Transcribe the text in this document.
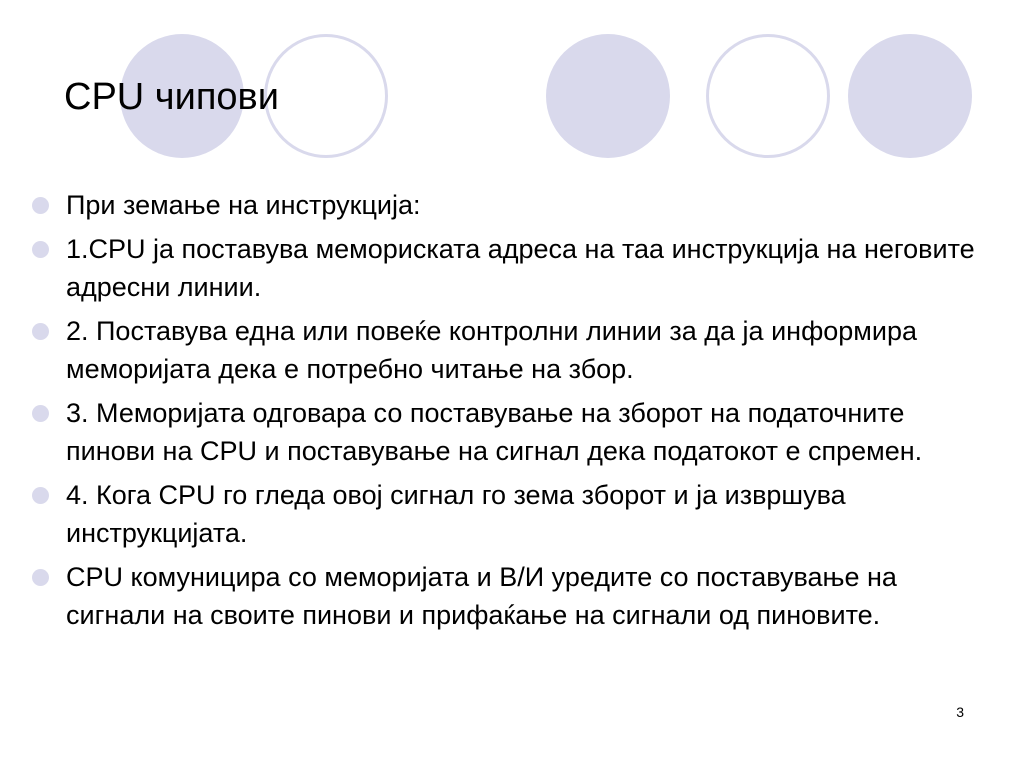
CPU чипови
При земање на инструкција:
1.CPU ја поставува мемориската адреса на таа инструкција на неговите адресни линии.
2. Поставува една или повеќе контролни линии за да ја информира меморијата дека е потребно читање на збор.
3. Меморијата одговара со поставување на зборот на податочните пинови на CPU и поставување на сигнал дека податокот е спремен.
4. Кога CPU го гледа овој сигнал го зема зборот и ја извршува инструкцијата.
CPU комуницира со меморијата и В/И уредите со поставување на сигнали на своите пинови и прифаќање на сигнали од пиновите.
3
